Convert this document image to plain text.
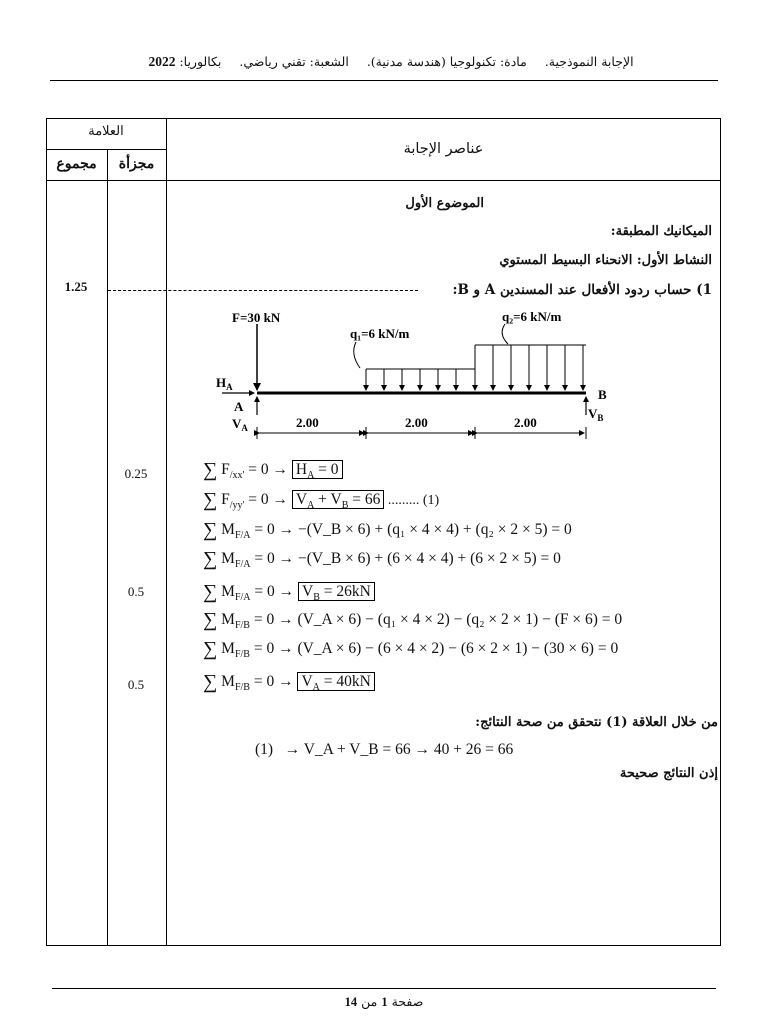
الإجابة النموذجية. مادة: تكنولوجيا (هندسة مدنية). الشعبة: تقني رياضي. بكالوريا: 2022
العلامة
مجزأة
مجموع
عناصر الإجابة
الموضوع الأول
الميكانيك المطبقة:
النشاط الأول: الانحناء البسيط المستوي
1) حساب ردود الأفعال عند المسندين A و B:
1.25
0.25
0.5
0.5
F=30 kN
q₁=6 kN/m
q₂=6 kN/m
$H_A$
A
$V_A$
B
$V_B$
2.00	2.00	2.00
∑ $F_{/xx'} = 0 \to H_A = 0$
∑ $F_{/yy'} = 0 \to V_A + V_B = 66$ ......... (1)
∑ $M_{F/A} = 0$ → −(V_B × 6) + (q₁ × 4 × 4) + (q₂ × 2 × 5) = 0
∑ $M_{F/A} = 0$ → −(V_B × 6) + (6 × 4 × 4) + (6 × 2 × 5) = 0
∑ $M_{F/A} = 0 \to V_B = 26kN$
∑ $M_{F/B} = 0$ → (V_A × 6) − (q₁ × 4 × 2) − (q₂ × 2 × 1) − (F × 6) = 0
∑ $M_{F/B} = 0$ → (V_A × 6) − (6 × 4 × 2) − (6 × 2 × 1) − (30 × 6) = 0
∑ $M_{F/B} = 0 \to V_A = 40kN$
من خلال العلاقة (1) نتحقق من صحة النتائج:
(1) → V_A + V_B = 66 → 40 + 26 = 66
إذن النتائج صحيحة
صفحة 1 من 14
